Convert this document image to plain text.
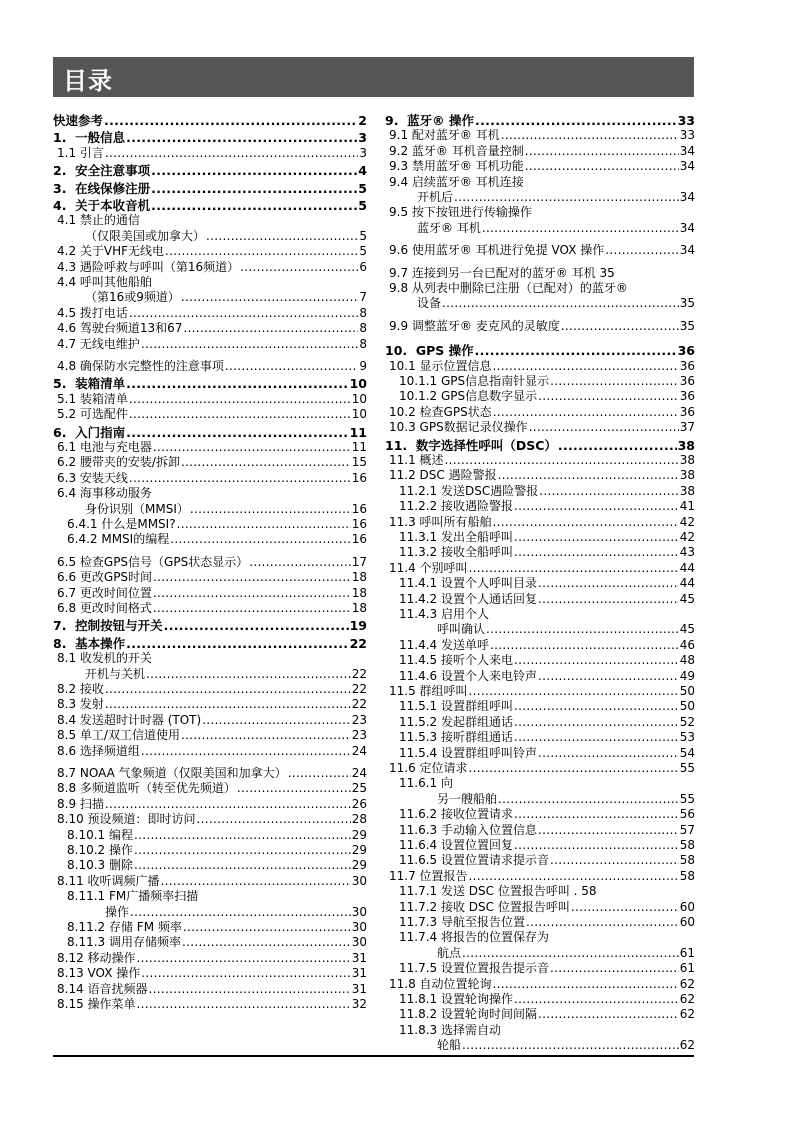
目录
快速参考 .....	2
1.  一般信息 .....	3
1.1 引言 .....	3
2.  安全注意事项 .....	4
3.  在线保修注册 .....	5
4.  关于本收音机 .....	5
4.1 禁止的通信
（仅限美国或加拿大） .....	5
4.2 关于VHF无线电 .....	5
4.3 遇险呼救与呼叫（第16频道） .....	6
4.4 呼叫其他船舶
（第16或9频道） .....	7
4.5 拨打电话 .....	8
4.6 驾驶台频道13和67 .....	8
4.7 无线电维护 .....	8
4.8 确保防水完整性的注意事项 .....	9
5.  装箱清单 .....	10
5.1 装箱清单 .....	10
5.2 可选配件 .....	10
6.  入门指南 .....	11
6.1 电池与充电器 .....	11
6.2 腰带夹的安装/拆卸 .....	15
6.3 安装天线 .....	16
6.4 海事移动服务
身份识别（MMSI） .....	16
6.4.1 什么是MMSI? .....	16
6.4.2 MMSI的编程 .....	16
6.5 检查GPS信号（GPS状态显示） .....	17
6.6 更改GPS时间 .....	18
6.7 更改时间位置 .....	18
6.8 更改时间格式 .....	18
7.  控制按钮与开关 .....	19
8.  基本操作 .....	22
8.1 收发机的开关
开机与关机 .....	22
8.2 接收 .....	22
8.3 发射 .....	22
8.4 发送超时计时器 (TOT) .....	23
8.5 单工/双工信道使用 .....	23
8.6 选择频道组 .....	24
8.7 NOAA 气象频道（仅限美国和加拿大） .....	24
8.8 多频道监听（转至优先频道） .....	25
8.9 扫描 .....	26
8.10 预设频道：即时访问 .....	28
8.10.1 编程 .....	29
8.10.2 操作 .....	29
8.10.3 删除 .....	29
8.11 收听调频广播 .....	30
8.11.1 FM广播频率扫描
操作 .....	30
8.11.2 存储 FM 频率 .....	30
8.11.3 调用存储频率 .....	30
8.12 移动操作 .....	31
8.13 VOX 操作 .....	31
8.14 语音扰频器 .....	31
8.15 操作菜单 .....	32
9.  蓝牙® 操作 .....	33
9.1 配对蓝牙® 耳机 .....	33
9.2 蓝牙® 耳机音量控制 .....	34
9.3 禁用蓝牙® 耳机功能 .....	34
9.4 启续蓝牙® 耳机连接
开机后 .....	34
9.5 按下按钮进行传输操作
蓝牙® 耳机 .....	34
9.6 使用蓝牙® 耳机进行免提 VOX 操作 .....	34
9.7 连接到另一台已配对的蓝牙® 耳机 35
9.8 从列表中删除已注册（已配对）的蓝牙®
设备 .....	35
9.9 调整蓝牙® 麦克风的灵敏度 .....	35
10.  GPS 操作 .....	36
10.1 显示位置信息 .....	36
10.1.1 GPS信息指南针显示 .....	36
10.1.2 GPS信息数字显示 .....	36
10.2 检查GPS状态 .....	36
10.3 GPS数据记录仪操作 .....	37
11.  数字选择性呼叫（DSC） .....	38
11.1 概述 .....	38
11.2 DSC 遇险警报 .....	38
11.2.1 发送DSC遇险警报 .....	38
11.2.2 接收遇险警报 .....	41
11.3 呼叫所有船舶 .....	42
11.3.1 发出全船呼叫 .....	42
11.3.2 接收全船呼叫 .....	43
11.4 个别呼叫 .....	44
11.4.1 设置个人呼叫目录 .....	44
11.4.2 设置个人通话回复 .....	45
11.4.3 启用个人
呼叫确认 .....	45
11.4.4 发送单呼 .....	46
11.4.5 接听个人来电 .....	48
11.4.6 设置个人来电铃声 .....	49
11.5 群组呼叫 .....	50
11.5.1 设置群组呼叫 .....	50
11.5.2 发起群组通话 .....	52
11.5.3 接听群组通话 .....	53
11.5.4 设置群组呼叫铃声 .....	54
11.6 定位请求 .....	55
11.6.1 向
另一艘船舶 .....	55
11.6.2 接收位置请求 .....	56
11.6.3 手动输入位置信息 .....	57
11.6.4 设置位置回复 .....	58
11.6.5 设置位置请求提示音 .....	58
11.7 位置报告 .....	58
11.7.1 发送 DSC 位置报告呼叫 . 58
11.7.2 接收 DSC 位置报告呼叫 .....	60
11.7.3 导航至报告位置 .....	60
11.7.4 将报告的位置保存为
航点 .....	61
11.7.5 设置位置报告提示音 .....	61
11.8 自动位置轮询 .....	62
11.8.1 设置轮询操作 .....	62
11.8.2 设置轮询时间间隔 .....	62
11.8.3 选择需自动
轮船 .....	62
